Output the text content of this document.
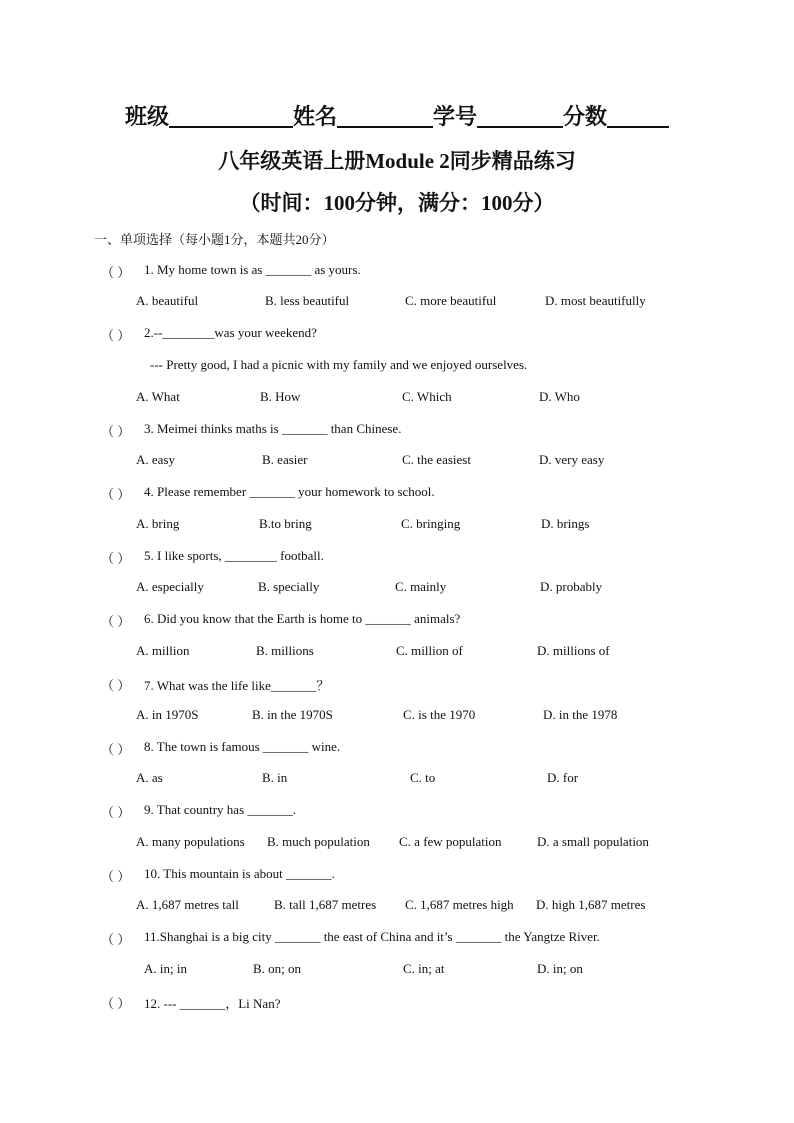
班级	姓名	学号	分数
八年级英语上册Module 2同步精品练习
（时间：100分钟，满分：100分）
一、单项选择（每小题1分，本题共20分）
（ ） 1. My home town is as _______ as yours.
A. beautiful	B. less beautiful	C. more beautiful	D. most beautifully
（ ） 2.--________was your weekend?
--- Pretty good, I had a picnic with my family and we enjoyed ourselves.
A. What	B. How	C. Which	D. Who
（ ） 3. Meimei thinks maths is _______ than Chinese.
A. easy	B. easier	C. the easiest	D. very easy
（ ） 4. Please remember _______ your homework to school.
A. bring	B.to bring	C. bringing	D. brings
（ ） 5. I like sports, ________ football.
A. especially	B. specially	C. mainly	D. probably
（ ） 6. Did you know that the Earth is home to _______ animals?
A. million	B. millions	C. million of	D. millions of
（ ） 7. What was the life like_______？
A. in 1970S	B. in the 1970S	C. is the 1970	D. in the 1978
（ ） 8. The town is famous _______ wine.
A. as	B. in	C. to	D. for
（ ） 9. That country has _______.
A. many populations B. much population C. a few population	D. a small population
（ ） 10. This mountain is about _______.
A. 1,687 metres tall	B. tall 1,687 metres C. 1,687 metres high D. high 1,687 metres
（ ） 11.Shanghai is a big city _______ the east of China and it’s _______ the Yangtze River.
A. in; in	B. on; on	C. in; at	D. in; on
（ ） 12. --- _______，Li Nan?
